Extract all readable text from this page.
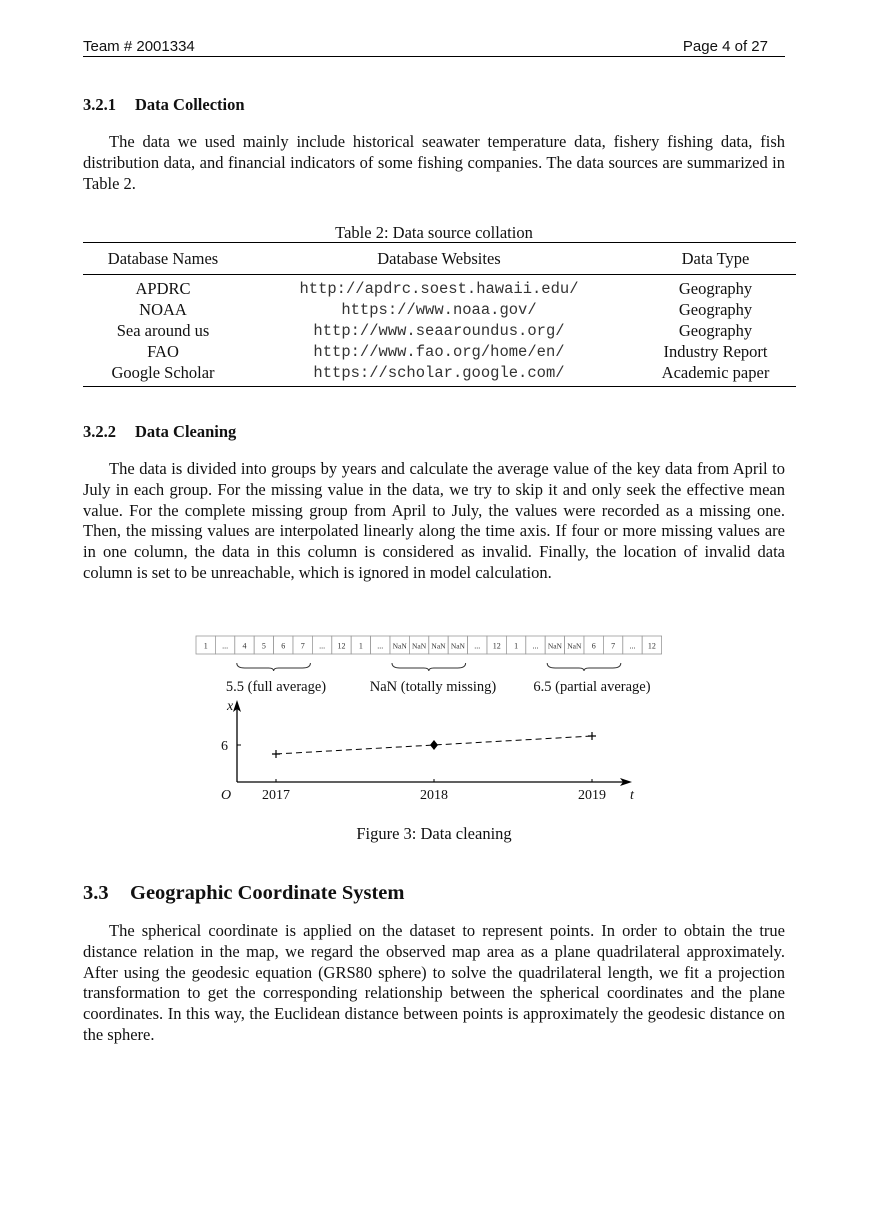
Team # 2001334	Page 4 of 27
3.2.1 Data Collection

The data we used mainly include historical seawater temperature data, fishery fishing data, fish distribution data, and financial indicators of some fishing companies. The data sources are summarized in Table 2.

Table 2: Data source collation
Database Names	Database Websites	Data Type
APDRC	http://apdrc.soest.hawaii.edu/	Geography
NOAA	https://www.noaa.gov/	Geography
Sea around us	http://www.seaaroundus.org/	Geography
FAO	http://www.fao.org/home/en/	Industry Report
Google Scholar	https://scholar.google.com/	Academic paper
3.2.2 Data Cleaning

The data is divided into groups by years and calculate the average value of the key data from April to July in each group. For the missing value in the data, we try to skip it and only seek the effective mean value. For the complete missing group from April to July, the values were recorded as a missing one. Then, the missing values are interpolated linearly along the time axis. If four or more missing values are in one column, the data in this column is considered as invalid. Finally, the location of invalid data column is set to be unreachable, which is ignored in model calculation.

1 ... 4 5 6 7 ... 12 1 ... NaN NaN NaN NaN ... 12 1 ... NaN NaN 6 7 ... 12
5.5 (full average)	NaN (totally missing)	6.5 (partial average)
x
6
O	t
2017	2018	2019
Figure 3: Data cleaning
3.3 Geographic Coordinate System

The spherical coordinate is applied on the dataset to represent points. In order to obtain the true distance relation in the map, we regard the observed map area as a plane quadrilateral approximately. After using the geodesic equation (GRS80 sphere) to solve the quadrilateral length, we fit a projection transformation to get the corresponding relationship between the spherical coordinates and the plane coordinates. In this way, the Euclidean distance between points is approximately the geodesic distance on the sphere.
